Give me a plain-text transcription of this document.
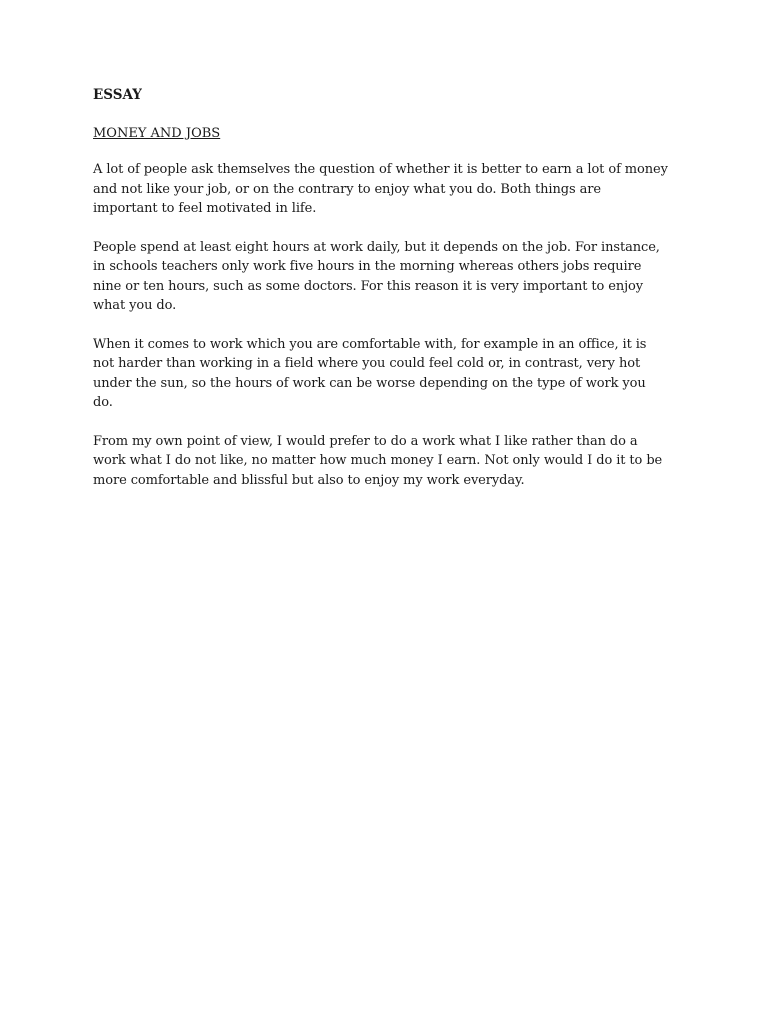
ESSAY
MONEY AND JOBS

A lot of people ask themselves the question of whether it is better to earn a lot of money and not like your job, or on the contrary to enjoy what you do. Both things are important to feel motivated in life.

People spend at least eight hours at work daily, but it depends on the job. For instance, in schools teachers only work five hours in the morning whereas others jobs require nine or ten hours, such as some doctors. For this reason it is very important to enjoy what you do.

When it comes to work which you are comfortable with, for example in an office, it is not harder than working in a field where you could feel cold or, in contrast, very hot under the sun, so the hours of work can be worse depending on the type of work you do.

From my own point of view, I would prefer to do a work what I like rather than do a work what I do not like, no matter how much money I earn. Not only would I do it to be more comfortable and blissful but also to enjoy my work everyday.
